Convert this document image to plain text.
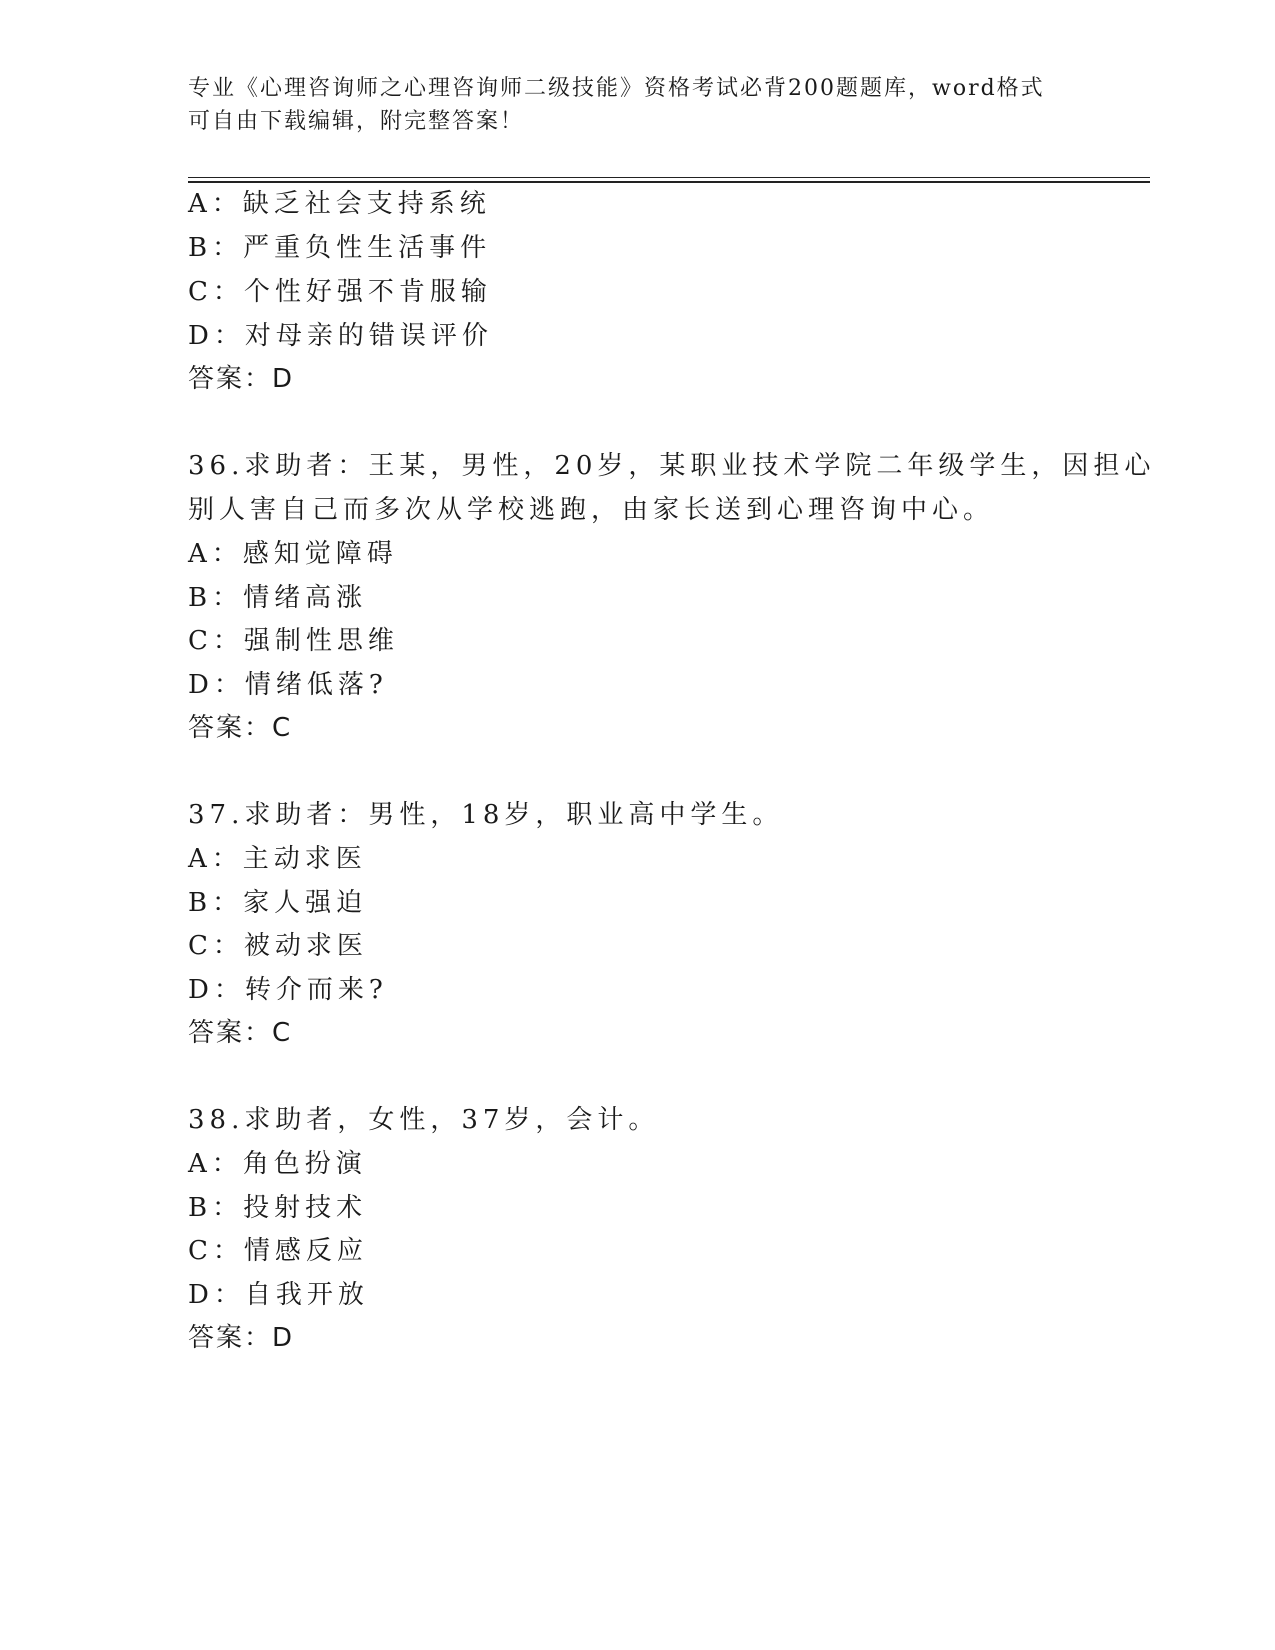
专业《心理咨询师之心理咨询师二级技能》资格考试必背200题题库，word格式
可自由下载编辑，附完整答案！
A：缺乏社会支持系统
B：严重负性生活事件
C：个性好强不肯服输
D：对母亲的错误评价
答案：D
36.求助者：王某，男性，20岁，某职业技术学院二年级学生，因担心
别人害自己而多次从学校逃跑，由家长送到心理咨询中心。
A：感知觉障碍
B：情绪高涨
C：强制性思维
D：情绪低落?
答案：C
37.求助者：男性，18岁，职业高中学生。
A：主动求医
B：家人强迫
C：被动求医
D：转介而来?
答案：C
38.求助者，女性，37岁，会计。
A：角色扮演
B：投射技术
C：情感反应
D：自我开放
答案：D
